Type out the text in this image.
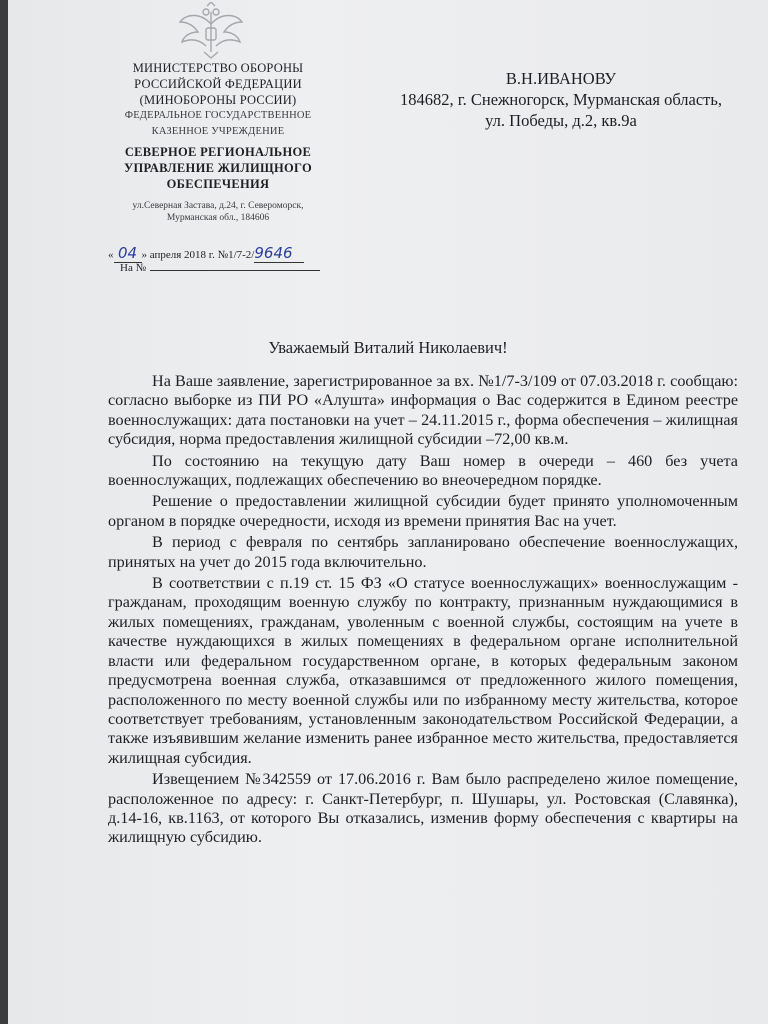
МИНИСТЕРСТВО ОБОРОНЫ
РОССИЙСКОЙ ФЕДЕРАЦИИ
(МИНОБОРОНЫ РОССИИ)
ФЕДЕРАЛЬНОЕ ГОСУДАРСТВЕННОЕ
КАЗЕННОЕ УЧРЕЖДЕНИЕ
СЕВЕРНОЕ РЕГИОНАЛЬНОЕ
УПРАВЛЕНИЕ ЖИЛИЩНОГО
ОБЕСПЕЧЕНИЯ
ул.Северная Застава, д.24, г. Североморск,
Мурманская обл., 184606
« 04 » апреля 2018 г. №1/7-2/9646
На №
В.Н.ИВАНОВУ
184682, г. Снежногорск, Мурманская область,
ул. Победы, д.2, кв.9а
Уважаемый Виталий Николаевич!

На Ваше заявление, зарегистрированное за вх. №1/7-3/109 от 07.03.2018 г. сообщаю: согласно выборке из ПИ РО «Алушта» информация о Вас содержится в Едином реестре военнослужащих: дата постановки на учет – 24.11.2015 г., форма обеспечения – жилищная субсидия, норма предоставления жилищной субсидии –72,00 кв.м.

По состоянию на текущую дату Ваш номер в очереди – 460 без учета военнослужащих, подлежащих обеспечению во внеочередном порядке.

Решение о предоставлении жилищной субсидии будет принято уполномоченным органом в порядке очередности, исходя из времени принятия Вас на учет.

В период с февраля по сентябрь запланировано обеспечение военнослужащих, принятых на учет до 2015 года включительно.

В соответствии с п.19 ст. 15 ФЗ «О статусе военнослужащих» военнослужащим - гражданам, проходящим военную службу по контракту, признанным нуждающимися в жилых помещениях, гражданам, уволенным с военной службы, состоящим на учете в качестве нуждающихся в жилых помещениях в федеральном органе исполнительной власти или федеральном государственном органе, в которых федеральным законом предусмотрена военная служба, отказавшимся от предложенного жилого помещения, расположенного по месту военной службы или по избранному месту жительства, которое соответствует требованиям, установленным законодательством Российской Федерации, а также изъявившим желание изменить ранее избранное место жительства, предоставляется жилищная субсидия.

Извещением №342559 от 17.06.2016 г. Вам было распределено жилое помещение, расположенное по адресу: г. Санкт-Петербург, п. Шушары, ул. Ростовская (Славянка), д.14-16, кв.1163, от которого Вы отказались, изменив форму обеспечения с квартиры на жилищную субсидию.
